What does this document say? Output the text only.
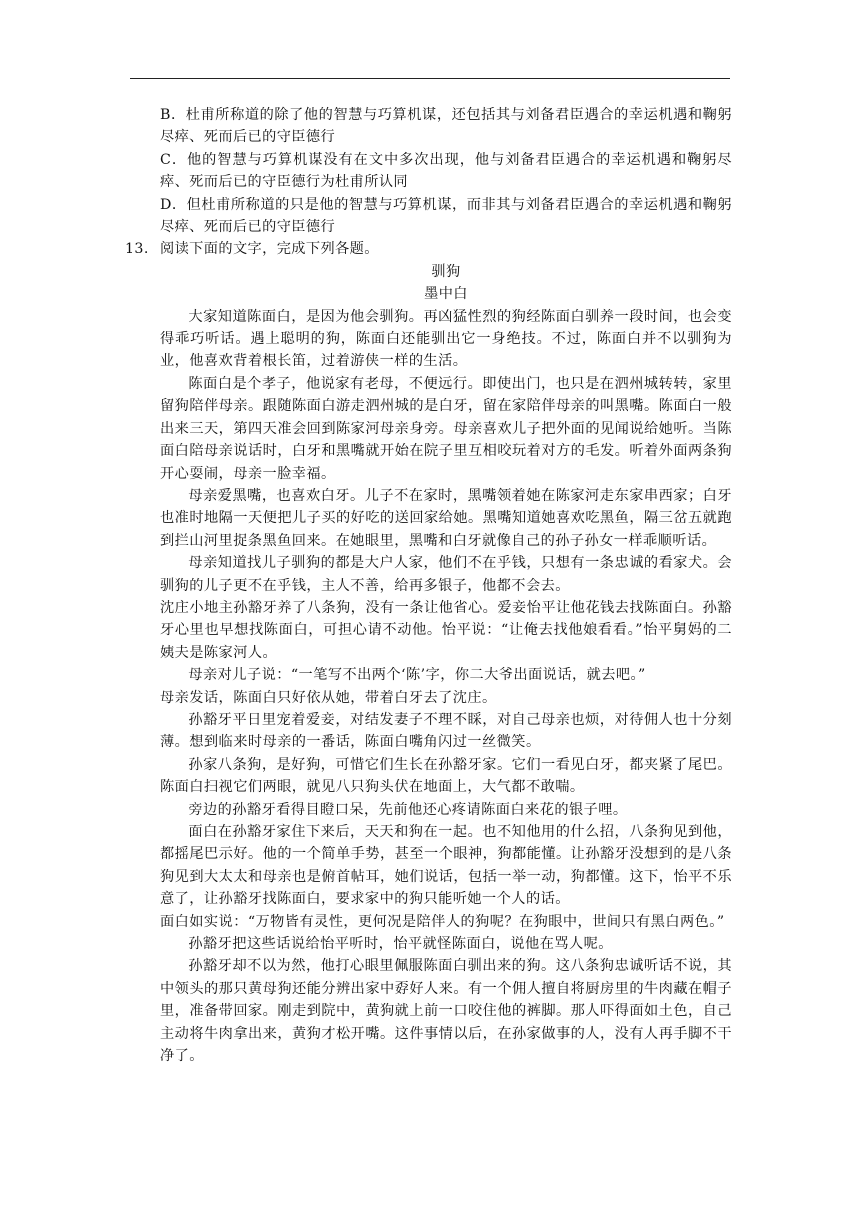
B．杜甫所称道的除了他的智慧与巧算机谋，还包括其与刘备君臣遇合的幸运机遇和鞠躬尽瘁、死而后已的守臣德行

C．他的智慧与巧算机谋没有在文中多次出现，他与刘备君臣遇合的幸运机遇和鞠躬尽瘁、死而后已的守臣德行为杜甫所认同

D．但杜甫所称道的只是他的智慧与巧算机谋，而非其与刘备君臣遇合的幸运机遇和鞠躬尽瘁、死而后已的守臣德行

13. 阅读下面的文字，完成下列各题。

驯狗

墨中白

大家知道陈面白，是因为他会驯狗。再凶猛性烈的狗经陈面白驯养一段时间，也会变得乖巧听话。遇上聪明的狗，陈面白还能驯出它一身绝技。不过，陈面白并不以驯狗为业，他喜欢背着根长笛，过着游侠一样的生活。

陈面白是个孝子，他说家有老母，不便远行。即使出门，也只是在泗州城转转，家里留狗陪伴母亲。跟随陈面白游走泗州城的是白牙，留在家陪伴母亲的叫黑嘴。陈面白一般出来三天，第四天准会回到陈家河母亲身旁。母亲喜欢儿子把外面的见闻说给她听。当陈面白陪母亲说话时，白牙和黑嘴就开始在院子里互相咬玩着对方的毛发。听着外面两条狗开心耍闹，母亲一脸幸福。

母亲爱黑嘴，也喜欢白牙。儿子不在家时，黑嘴领着她在陈家河走东家串西家；白牙也准时地隔一天便把儿子买的好吃的送回家给她。黑嘴知道她喜欢吃黑鱼，隔三岔五就跑到拦山河里捉条黑鱼回来。在她眼里，黑嘴和白牙就像自己的孙子孙女一样乖顺听话。

母亲知道找儿子驯狗的都是大户人家，他们不在乎钱，只想有一条忠诚的看家犬。会驯狗的儿子更不在乎钱，主人不善，给再多银子，他都不会去。

沈庄小地主孙豁牙养了八条狗，没有一条让他省心。爱妾怡平让他花钱去找陈面白。孙豁牙心里也早想找陈面白，可担心请不动他。怡平说：“让俺去找他娘看看。”怡平舅妈的二姨夫是陈家河人。

母亲对儿子说：“一笔写不出两个‘陈’字，你二大爷出面说话，就去吧。”

母亲发话，陈面白只好依从她，带着白牙去了沈庄。

孙豁牙平日里宠着爱妾，对结发妻子不理不睬，对自己母亲也烦，对待佣人也十分刻薄。想到临来时母亲的一番话，陈面白嘴角闪过一丝微笑。

孙家八条狗，是好狗，可惜它们生长在孙豁牙家。它们一看见白牙，都夹紧了尾巴。陈面白扫视它们两眼，就见八只狗头伏在地面上，大气都不敢喘。

旁边的孙豁牙看得目瞪口呆，先前他还心疼请陈面白来花的银子哩。

面白在孙豁牙家住下来后，天天和狗在一起。也不知他用的什么招，八条狗见到他，都摇尾巴示好。他的一个简单手势，甚至一个眼神，狗都能懂。让孙豁牙没想到的是八条狗见到大太太和母亲也是俯首帖耳，她们说话，包括一举一动，狗都懂。这下，怡平不乐意了，让孙豁牙找陈面白，要求家中的狗只能听她一个人的话。

面白如实说：“万物皆有灵性，更何况是陪伴人的狗呢？在狗眼中，世间只有黑白两色。”

孙豁牙把这些话说给怡平听时，怡平就怪陈面白，说他在骂人呢。

孙豁牙却不以为然，他打心眼里佩服陈面白驯出来的狗。这八条狗忠诚听话不说，其中领头的那只黄母狗还能分辨出家中孬好人来。有一个佣人擅自将厨房里的牛肉藏在帽子里，准备带回家。刚走到院中，黄狗就上前一口咬住他的裤脚。那人吓得面如土色，自己主动将牛肉拿出来，黄狗才松开嘴。这件事情以后，在孙家做事的人，没有人再手脚不干净了。
